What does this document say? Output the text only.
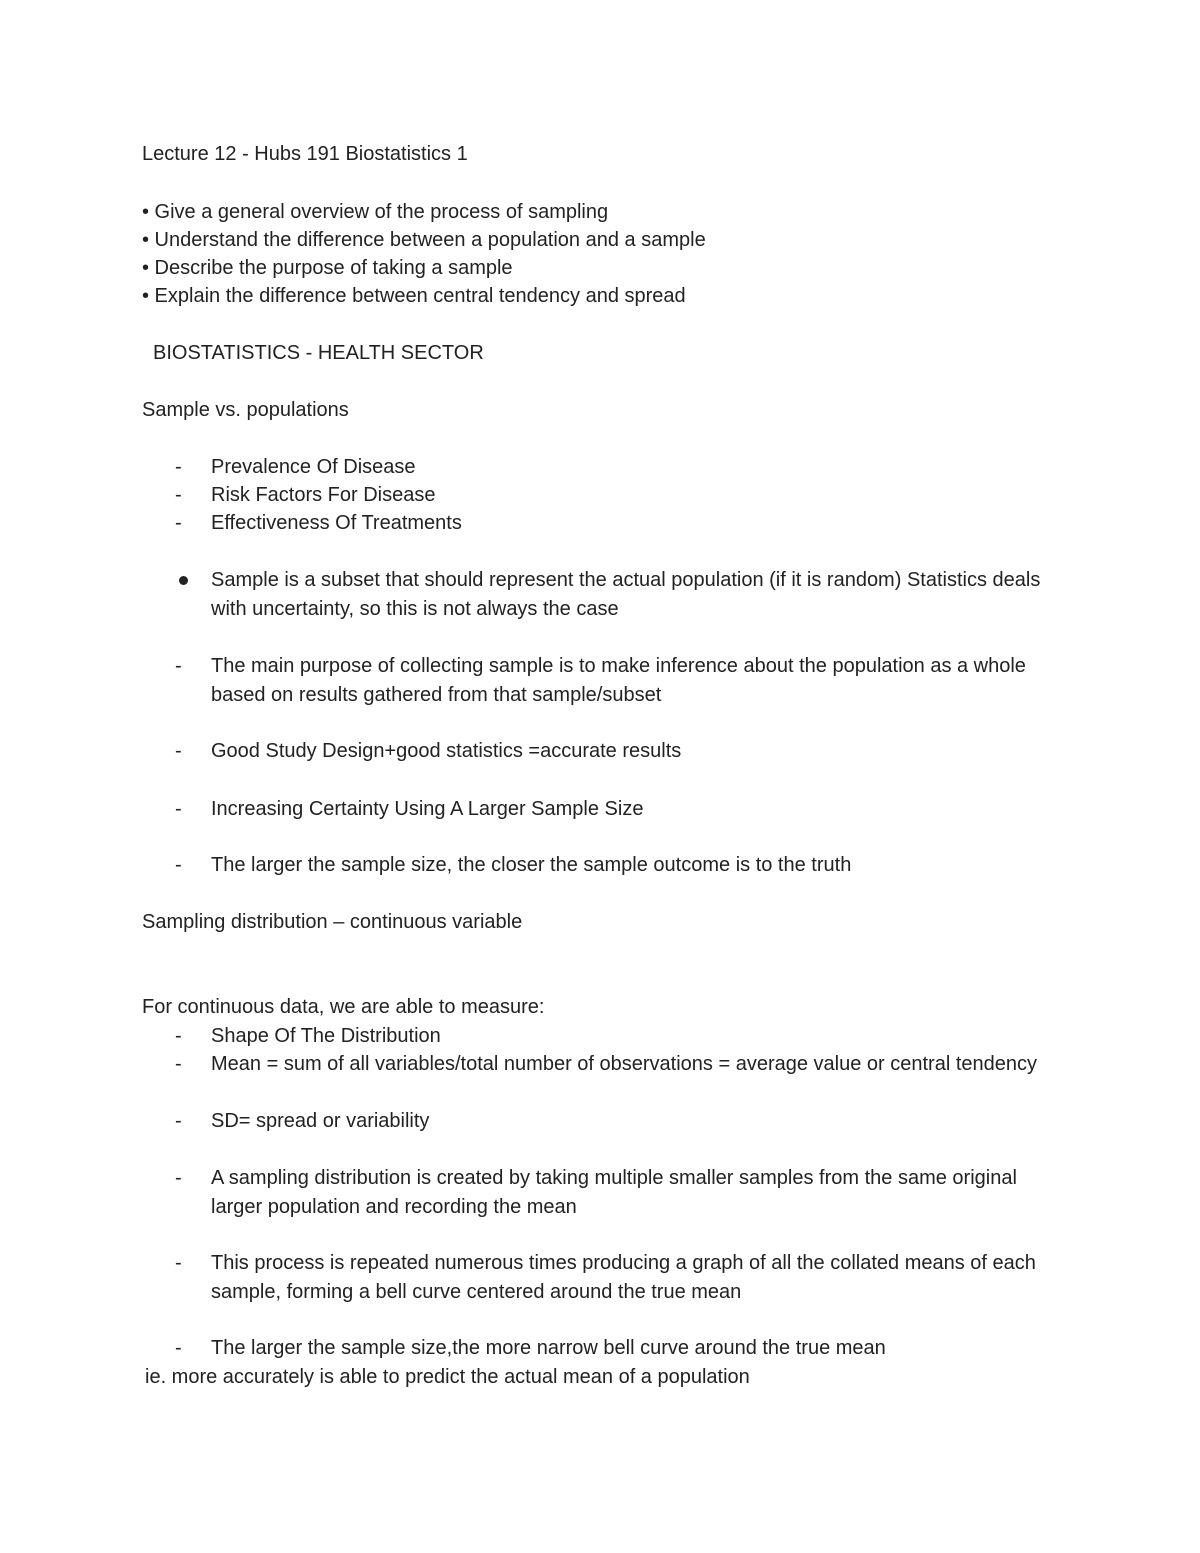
Lecture 12 - Hubs 191 Biostatistics 1
• Give a general overview of the process of sampling
• Understand the difference between a population and a sample
• Describe the purpose of taking a sample
• Explain the difference between central tendency and spread
BIOSTATISTICS - HEALTH SECTOR
Sample vs. populations
- Prevalence Of Disease
- Risk Factors For Disease
- Effectiveness Of Treatments
Sample is a subset that should represent the actual population (if it is random) Statistics deals with uncertainty, so this is not always the case
- The main purpose of collecting sample is to make inference about the population as a whole based on results gathered from that sample/subset
- Good Study Design+good statistics =accurate results
- Increasing Certainty Using A Larger Sample Size
- The larger the sample size, the closer the sample outcome is to the truth
Sampling distribution – continuous variable
For continuous data, we are able to measure:
- Shape Of The Distribution
- Mean = sum of all variables/total number of observations = average value or central tendency
- SD= spread or variability
- A sampling distribution is created by taking multiple smaller samples from the same original larger population and recording the mean
- This process is repeated numerous times producing a graph of all the collated means of each sample, forming a bell curve centered around the true mean
- The larger the sample size,the more narrow bell curve around the true mean
ie. more accurately is able to predict the actual mean of a population
